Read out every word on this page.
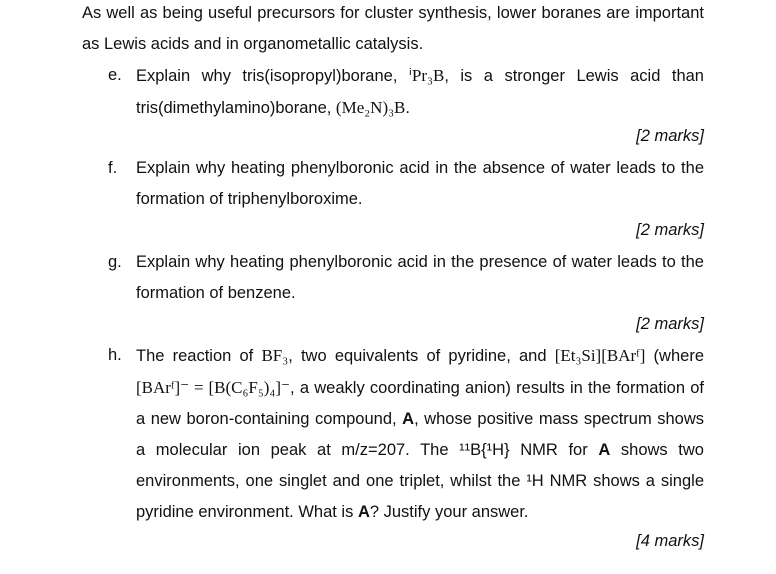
As well as being useful precursors for cluster synthesis, lower boranes are important as Lewis acids and in organometallic catalysis.
e. Explain why tris(isopropyl)borane, ⁱPr₃B, is a stronger Lewis acid than tris(dimethylamino)borane, (Me₂N)₃B.
[2 marks]
f. Explain why heating phenylboronic acid in the absence of water leads to the formation of triphenylboroxime.
[2 marks]
g. Explain why heating phenylboronic acid in the presence of water leads to the formation of benzene.
[2 marks]
h. The reaction of BF₃, two equivalents of pyridine, and [Et₃Si][BArᶠ] (where [BArᶠ]⁻ = [B(C₆F₅)₄]⁻, a weakly coordinating anion) results in the formation of a new boron-containing compound, A, whose positive mass spectrum shows a molecular ion peak at m/z=207. The ¹¹B{¹H} NMR for A shows two environments, one singlet and one triplet, whilst the ¹H NMR shows a single pyridine environment. What is A? Justify your answer.
[4 marks]
